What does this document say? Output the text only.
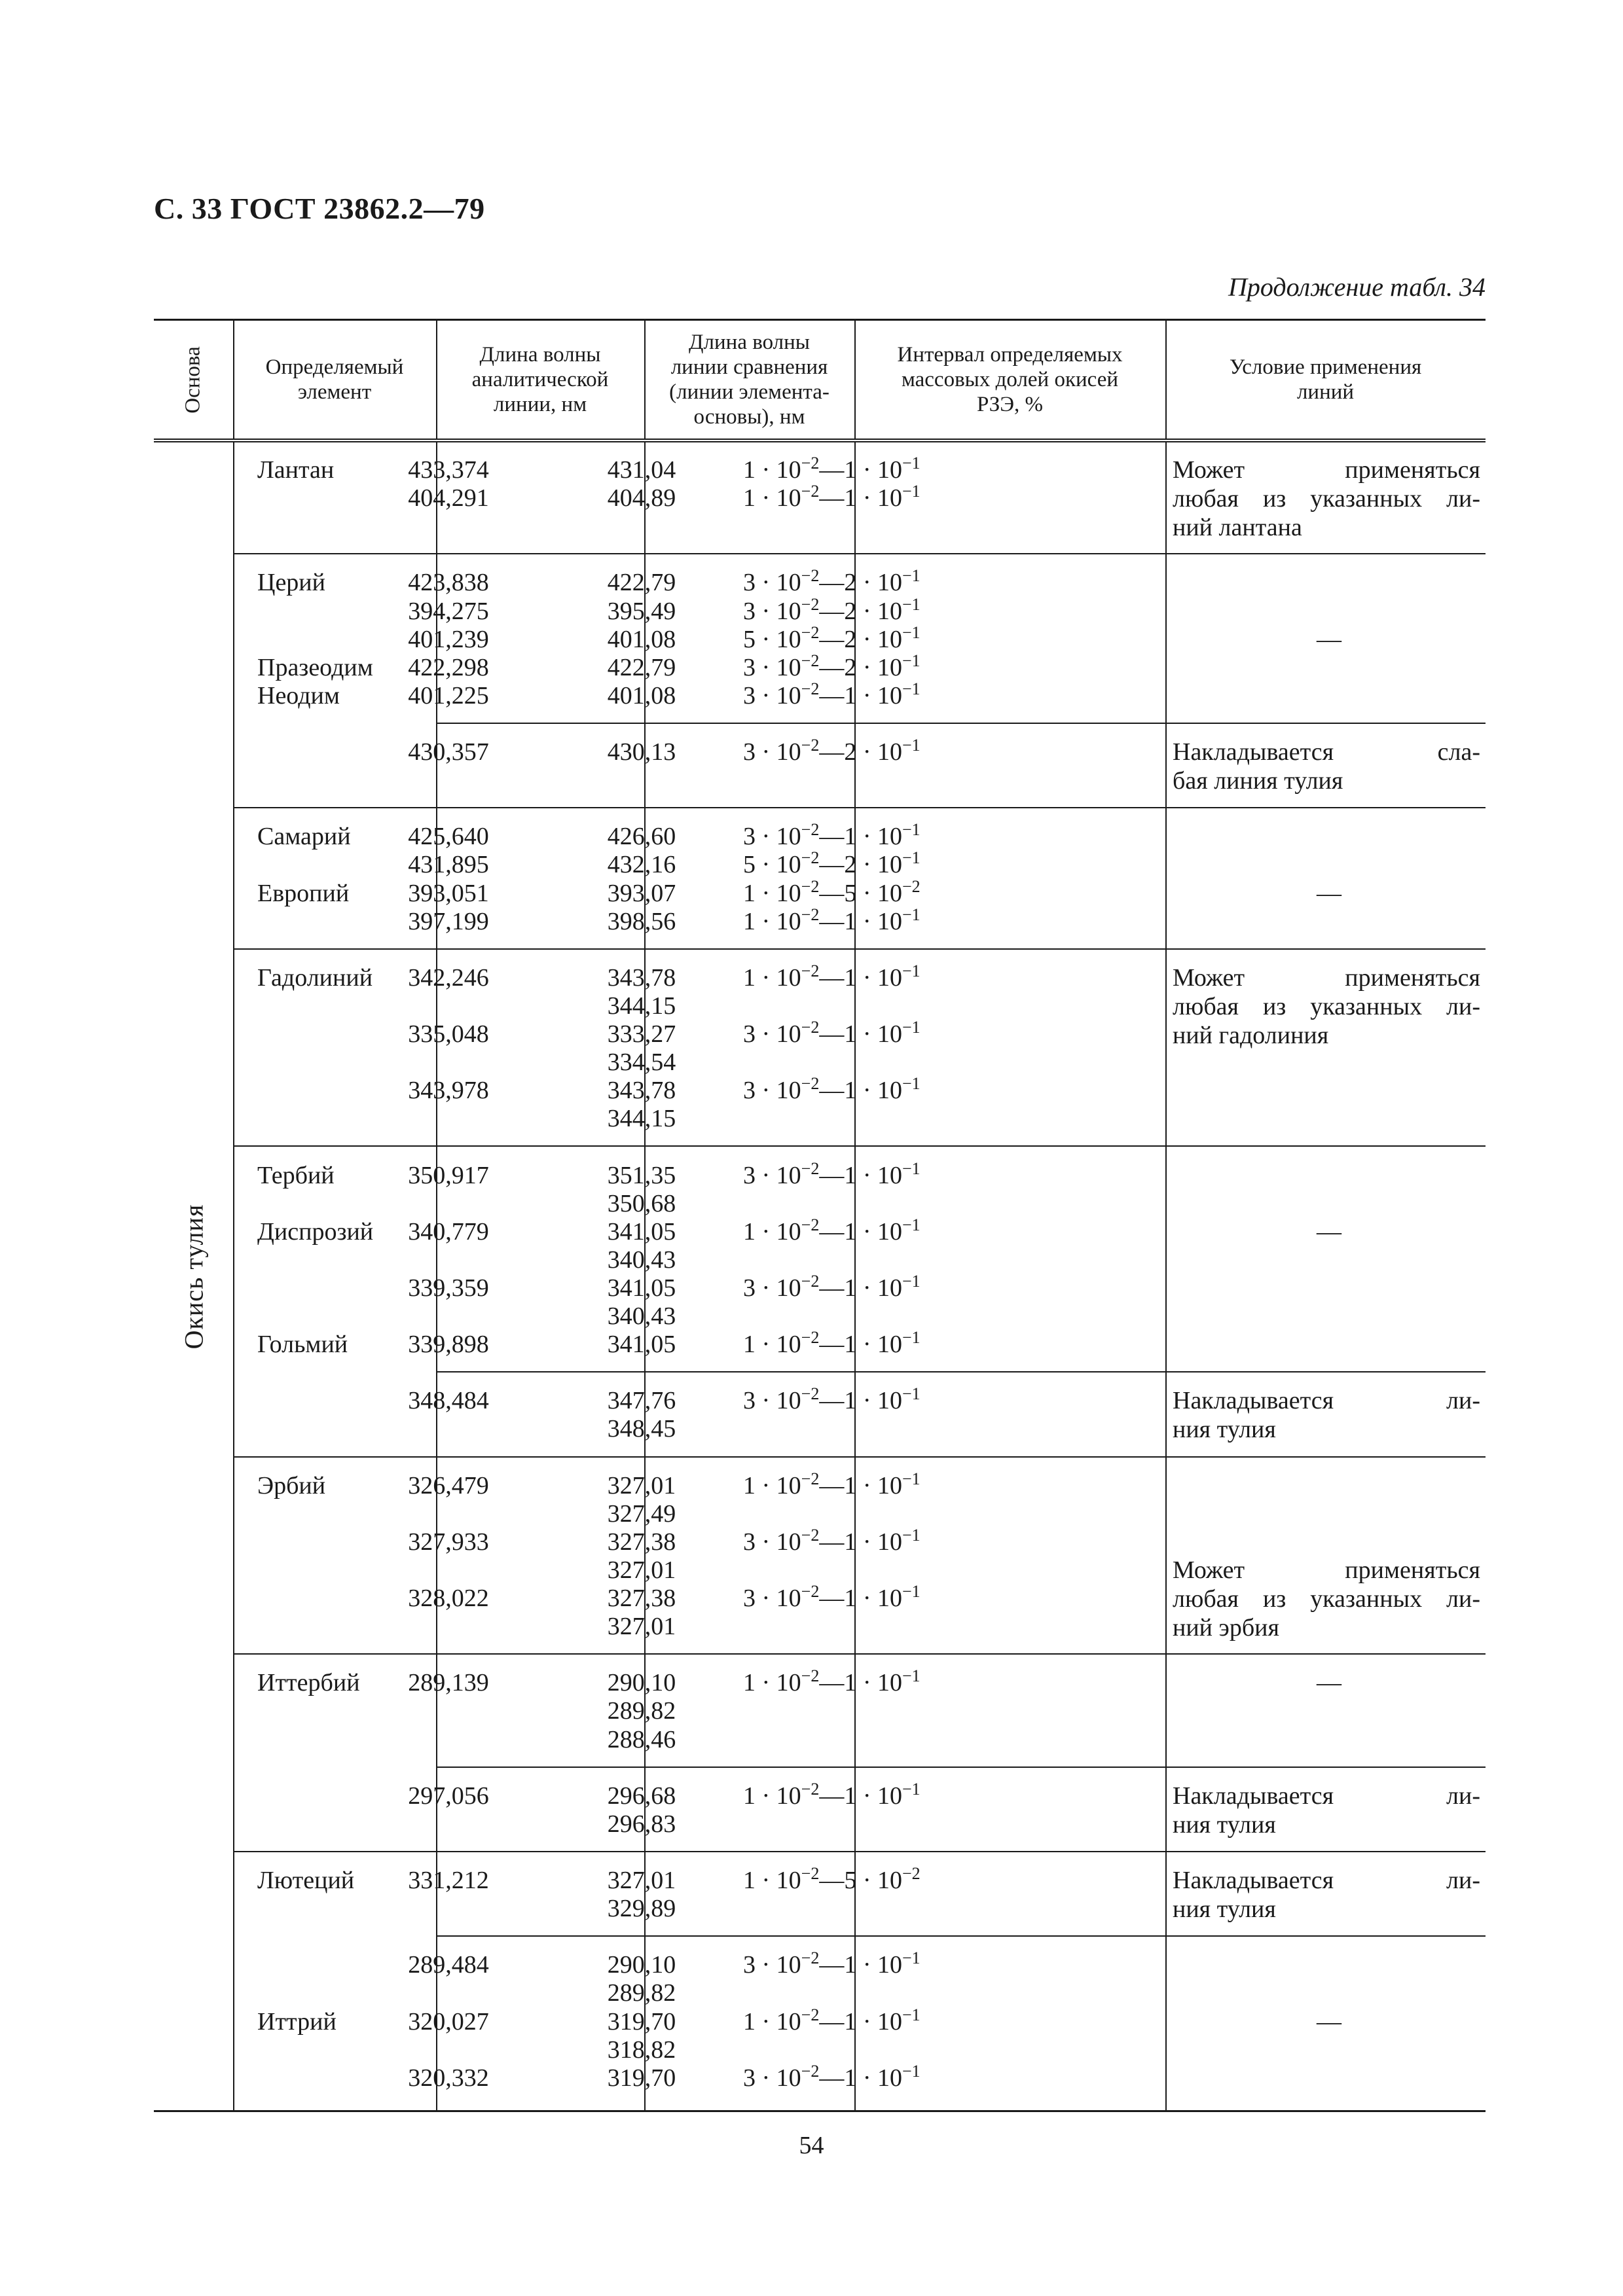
С. 33 ГОСТ 23862.2—79
Продолжение табл. 34
Основа	Определяемый
элемент
Длина волны
аналитической
линии, нм
Длина волны
линии сравнения
(линии элемента-
основы), нм
Интервал определяемых
массовых долей окисей
РЗЭ, %
Условие применения
линий
Окись тулия
Лантан
Церий
Празеодим
Неодим
Самарий
Европий
Гадолиний
Тербий
Диспрозий
Гольмий
Эрбий
Иттербий
Лютеций
Иттрий
433,374
404,291
423,838
394,275
401,239
422,298
401,225
430,357
425,640
431,895
393,051
397,199
342,246
335,048
343,978
350,917
340,779
339,359
339,898
348,484
326,479
327,933
328,022
289,139
297,056
331,212
289,484
320,027
320,332
431,04
404,89
422,79
395,49
401,08
422,79
401,08
430,13
426,60
432,16
393,07
398,56
343,78
344,15
333,27
334,54
343,78
344,15
351,35
350,68
341,05
340,43
341,05
340,43
341,05
347,76
348,45
327,01
327,49
327,38
327,01
327,38
327,01
290,10
289,82
288,46
296,68
296,83
327,01
329,89
290,10
289,82
319,70
318,82
319,70
$1 \cdot 10^{-2}—1 \cdot 10^{-1}$
$1 \cdot 10^{-2}—1 \cdot 10^{-1}$
$3 \cdot 10^{-2}—2 \cdot 10^{-1}$
$3 \cdot 10^{-2}—2 \cdot 10^{-1}$
$5 \cdot 10^{-2}—2 \cdot 10^{-1}$
$3 \cdot 10^{-2}—2 \cdot 10^{-1}$
$3 \cdot 10^{-2}—1 \cdot 10^{-1}$
$3 \cdot 10^{-2}—2 \cdot 10^{-1}$
$3 \cdot 10^{-2}—1 \cdot 10^{-1}$
$5 \cdot 10^{-2}—2 \cdot 10^{-1}$
$1 \cdot 10^{-2}—5 \cdot 10^{-2}$
$1 \cdot 10^{-2}—1 \cdot 10^{-1}$
$1 \cdot 10^{-2}—1 \cdot 10^{-1}$
$3 \cdot 10^{-2}—1 \cdot 10^{-1}$
$3 \cdot 10^{-2}—1 \cdot 10^{-1}$
$3 \cdot 10^{-2}—1 \cdot 10^{-1}$
$1 \cdot 10^{-2}—1 \cdot 10^{-1}$
$3 \cdot 10^{-2}—1 \cdot 10^{-1}$
$1 \cdot 10^{-2}—1 \cdot 10^{-1}$
$3 \cdot 10^{-2}—1 \cdot 10^{-1}$
$1 \cdot 10^{-2}—1 \cdot 10^{-1}$
$3 \cdot 10^{-2}—1 \cdot 10^{-1}$
$3 \cdot 10^{-2}—1 \cdot 10^{-1}$
$1 \cdot 10^{-2}—1 \cdot 10^{-1}$
$1 \cdot 10^{-2}—1 \cdot 10^{-1}$
$1 \cdot 10^{-2}—5 \cdot 10^{-2}$
$3 \cdot 10^{-2}—1 \cdot 10^{-1}$
$1 \cdot 10^{-2}—1 \cdot 10^{-1}$
$3 \cdot 10^{-2}—1 \cdot 10^{-1}$
Может применяться
любая из указанных ли-
ний лантана
Накладывается сла-
бая линия тулия
Может применяться
любая из указанных ли-
ний гадолиния
Накладывается ли-
ния тулия
Может применяться
любая из указанных ли-
ний эрбия
Накладывается ли-
ния тулия
Накладывается ли-
ния тулия
—
—
—
—
—
54
